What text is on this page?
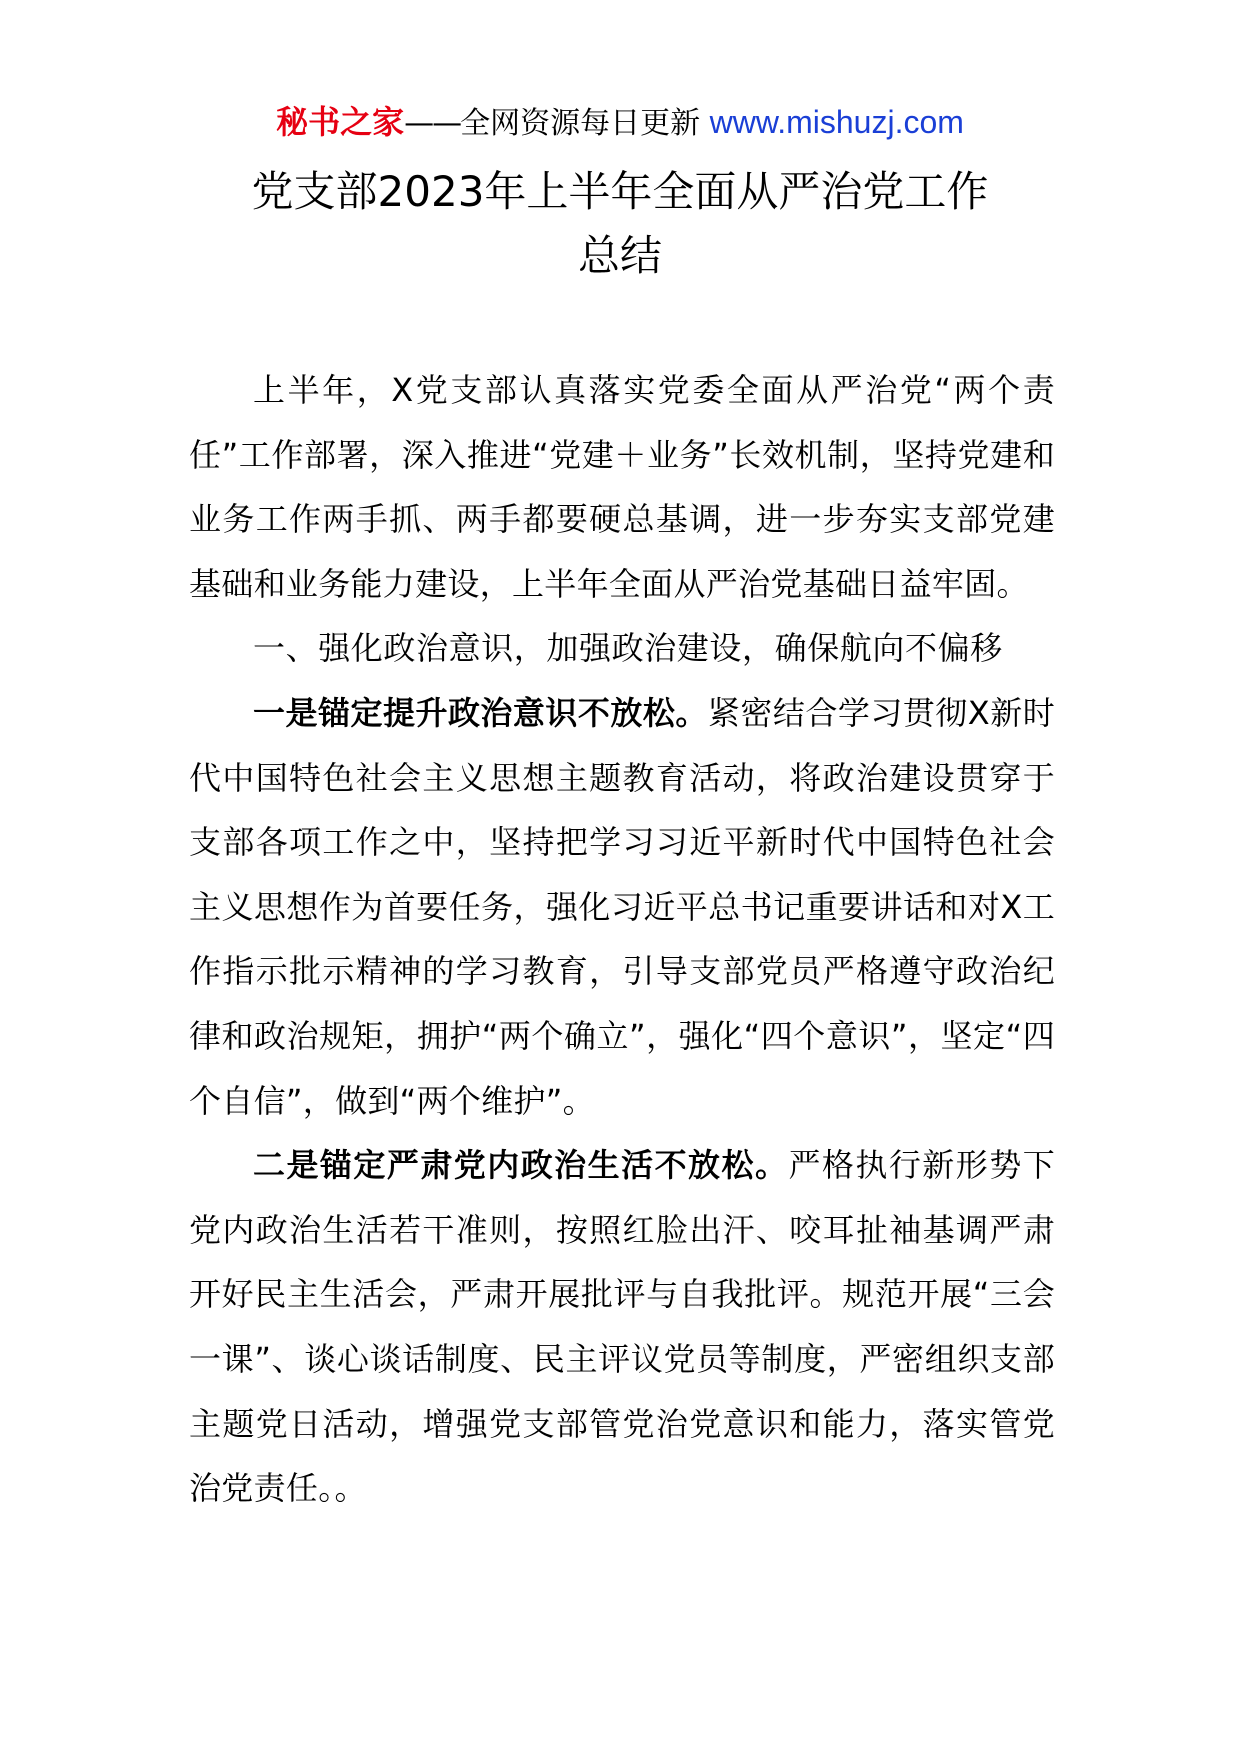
秘书之家——全网资源每日更新 www.mishuzj.com
党支部2023年上半年全面从严治党工作
总结

上半年，X党支部认真落实党委全面从严治党“两个责任”工作部署，深入推进“党建＋业务”长效机制，坚持党建和业务工作两手抓、两手都要硬总基调，进一步夯实支部党建基础和业务能力建设，上半年全面从严治党基础日益牢固。

一、强化政治意识，加强政治建设，确保航向不偏移

一是锚定提升政治意识不放松。紧密结合学习贯彻X新时代中国特色社会主义思想主题教育活动，将政治建设贯穿于支部各项工作之中，坚持把学习习近平新时代中国特色社会主义思想作为首要任务，强化习近平总书记重要讲话和对X工作指示批示精神的学习教育，引导支部党员严格遵守政治纪律和政治规矩，拥护“两个确立”，强化“四个意识”，坚定“四个自信”，做到“两个维护”。

二是锚定严肃党内政治生活不放松。严格执行新形势下党内政治生活若干准则，按照红脸出汗、咬耳扯袖基调严肃开好民主生活会，严肃开展批评与自我批评。规范开展“三会一课”、谈心谈话制度、民主评议党员等制度，严密组织支部主题党日活动，增强党支部管党治党意识和能力，落实管党治党责任。。
